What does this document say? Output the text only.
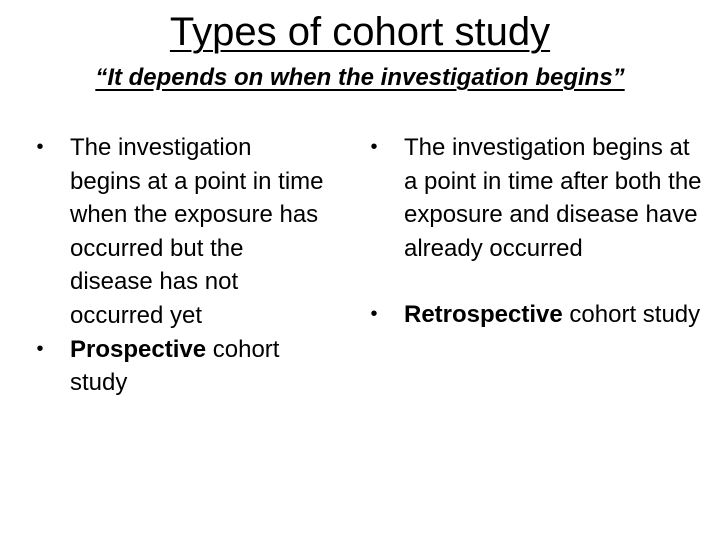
Types of cohort study
“It depends on when the investigation begins”
•	The investigation begins at a point in time when the exposure has occurred but the disease has not occurred yet
•	Prospective cohort study
•	The investigation begins at a point in time after both the exposure and disease have already occurred
•	Retrospective cohort study
